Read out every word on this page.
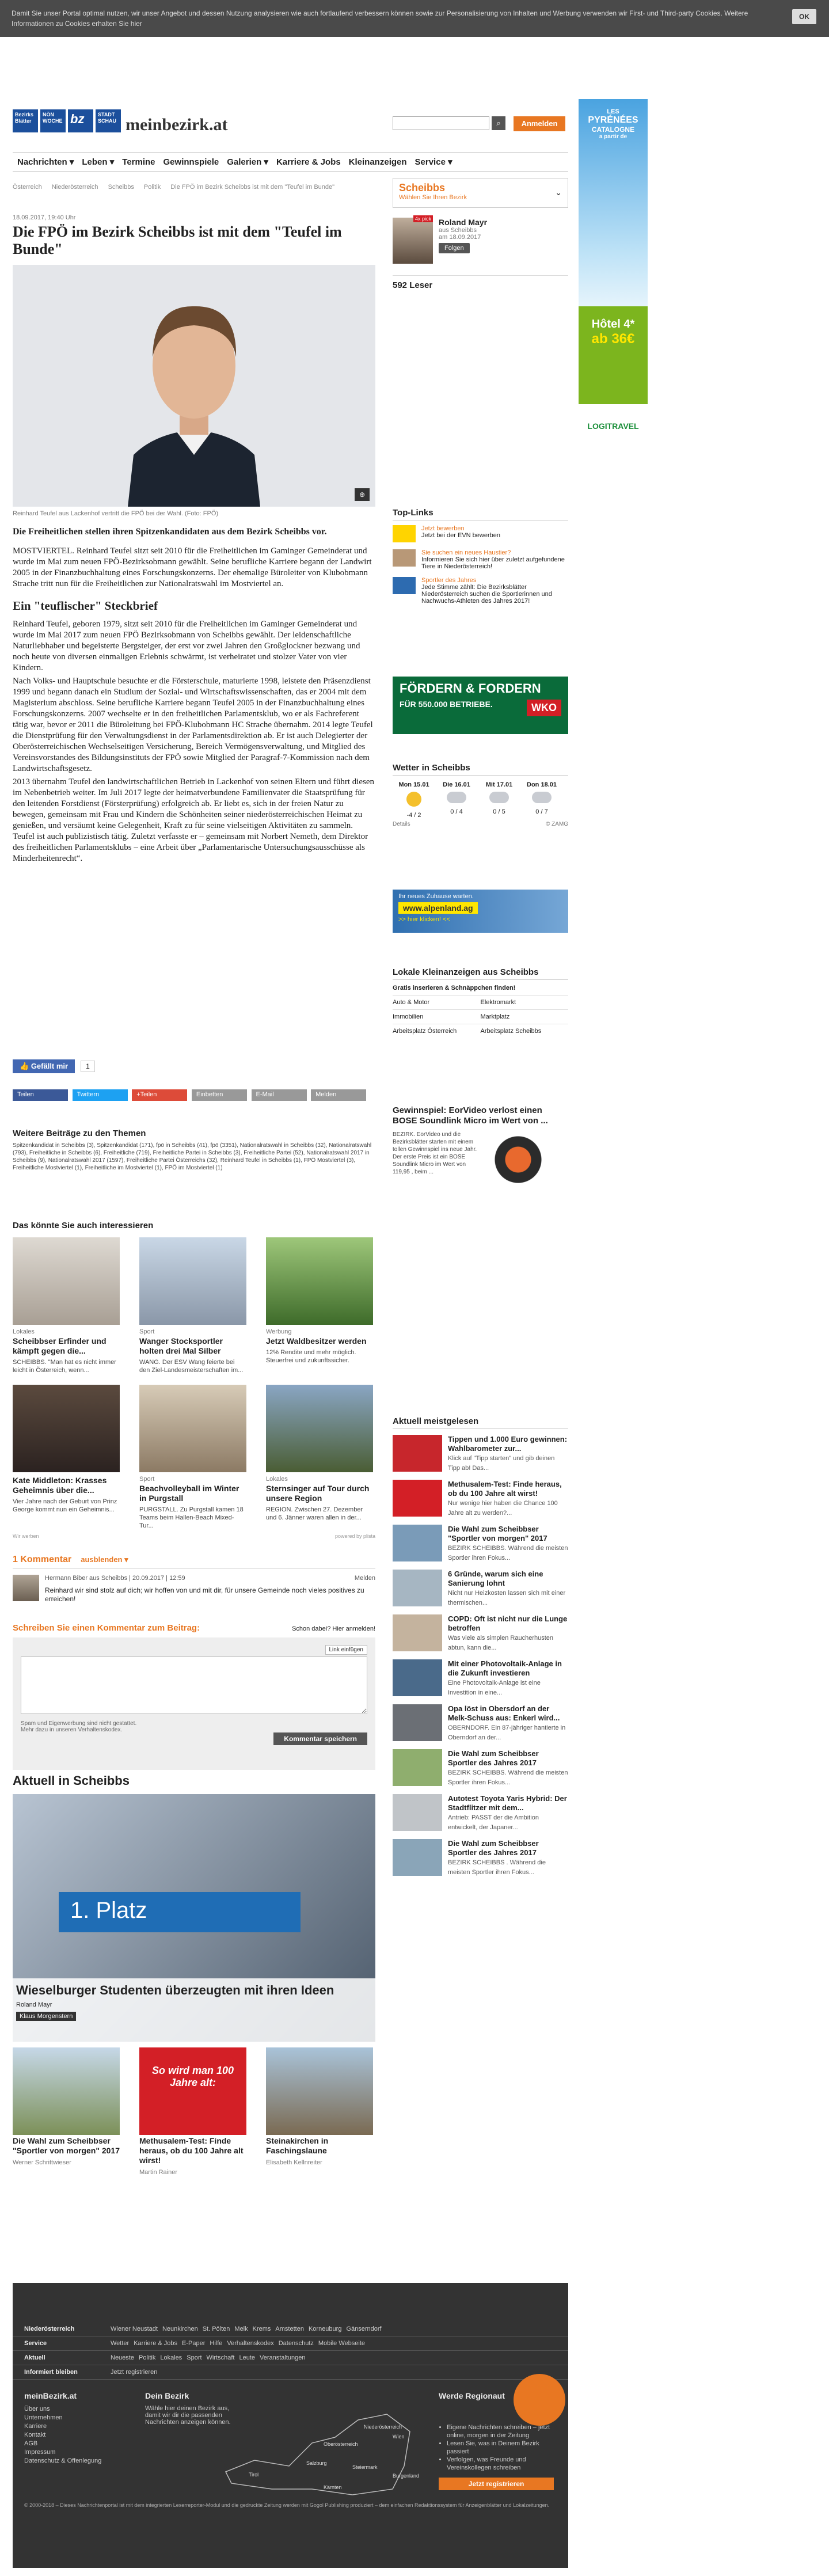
Damit Sie unser Portal optimal nutzen, wir unser Angebot und dessen Nutzung analysieren wie auch fortlaufend verbessern können sowie zur Personalisierung von Inhalten und Werbung verwenden wir First- und Third-party Cookies. Weitere Informationen zu Cookies erhalten Sie hier
OK
Bezirks Blätter
NÖN WOCHE bz	STADT SCHAU meinbezirk.at	⌕	Anmelden
Nachrichten ▾ Leben ▾ Termine Gewinnspiele Galerien ▾ Karriere & Jobs Kleinanzeigen Service ▾
Scheibbs
Wählen Sie Ihren Bezirk
⌄
Österreich Niederösterreich Scheibbs Politik Die FPÖ im Bezirk Scheibbs ist mit dem "Teufel im Bunde"
18.09.2017, 19:40 Uhr
Die FPÖ im Bezirk Scheibbs ist mit dem "Teufel im Bunde"
⊕
Reinhard Teufel aus Lackenhof vertritt die FPÖ bei der Wahl. (Foto: FPÖ)

Die Freiheitlichen stellen ihren Spitzenkandidaten aus dem Bezirk Scheibbs vor.

MOSTVIERTEL. Reinhard Teufel sitzt seit 2010 für die Freiheitlichen im Gaminger Gemeinderat und wurde im Mai zum neuen FPÖ-Bezirksobmann gewählt. Seine berufliche Karriere begann der Landwirt 2005 in der Finanzbuchhaltung eines Forschungskonzerns. Der ehemalige Büroleiter von Klubobmann Strache tritt nun für die Freiheitlichen zur Nationalratswahl im Mostviertel an.

Ein "teuflischer" Steckbrief

Reinhard Teufel, geboren 1979, sitzt seit 2010 für die Freiheitlichen im Gaminger Gemeinderat und wurde im Mai 2017 zum neuen FPÖ Bezirksobmann von Scheibbs gewählt. Der leidenschaftliche Naturliebhaber und begeisterte Bergsteiger, der erst vor zwei Jahren den Großglockner bezwang und noch heute von diversen einmaligen Erlebnis schwärmt, ist verheiratet und stolzer Vater von vier Kindern.

Nach Volks- und Hauptschule besuchte er die Försterschule, maturierte 1998, leistete den Präsenzdienst 1999 und begann danach ein Studium der Sozial- und Wirtschaftswissenschaften, das er 2004 mit dem Magisterium abschloss. Seine berufliche Karriere begann Teufel 2005 in der Finanzbuchhaltung eines Forschungskonzerns. 2007 wechselte er in den freiheitlichen Parlamentsklub, wo er als Fachreferent tätig war, bevor er 2011 die Büroleitung bei FPÖ-Klubobmann HC Strache übernahm. 2014 legte Teufel die Dienstprüfung für den Verwaltungsdienst in der Parlamentsdirektion ab. Er ist auch Delegierter der Oberösterreichischen Wechselseitigen Versicherung, Bereich Vermögensverwaltung, und Mitglied des Vereinsvorstandes des Bildungsinstituts der FPÖ sowie Mitglied der Paragraf-7-Kommission nach dem Landwirtschaftsgesetz.

2013 übernahm Teufel den landwirtschaftlichen Betrieb in Lackenhof von seinen Eltern und führt diesen im Nebenbetrieb weiter. Im Juli 2017 legte der heimatverbundene Familienvater die Staatsprüfung für den leitenden Forstdienst (Försterprüfung) erfolgreich ab. Er liebt es, sich in der freien Natur zu bewegen, gemeinsam mit Frau und Kindern die Schönheiten seiner niederösterreichischen Heimat zu genießen, und versäumt keine Gelegenheit, Kraft zu für seine vielseitigen Aktivitäten zu sammeln. Teufel ist auch publizistisch tätig. Zuletzt verfasste er – gemeinsam mit Norbert Nemeth, dem Direktor des freiheitlichen Parlamentsklubs – eine Arbeit über „Parlamentarische Untersuchungsausschüsse als Minderheitenrecht“.

👍 Gefällt mir	1
Teilen	Twittern	+Teilen	Einbetten	E-Mail	Melden
Weitere Beiträge zu den Themen

Spitzenkandidat in Scheibbs (3), Spitzenkandidat (171), fpö in Scheibbs (41), fpö (3351), Nationalratswahl in Scheibbs (32), Nationalratswahl (793), Freiheitliche in Scheibbs (6), Freiheitliche (719), Freiheitliche Partei in Scheibbs (3), Freiheitliche Partei (52), Nationalratswahl 2017 in Scheibbs (9), Nationalratswahl 2017 (1597), Freiheitliche Partei Österreichs (32), Reinhard Teufel in Scheibbs (1), FPÖ Mostviertel (3), Freiheitliche Mostviertel (1), Freiheitliche im Mostviertel (1), FPÖ im Mostviertel (1)

Das könnte Sie auch interessieren
Lokales
Scheibbser Erfinder und kämpft gegen die...
SCHEIBBS. "Man hat es nicht immer leicht in Österreich, wenn...
Sport
Wanger Stocksportler holten drei Mal Silber
WANG. Der ESV Wang feierte bei den Ziel-Landesmeisterschaften im...
Werbung
Jetzt Waldbesitzer werden
12% Rendite und mehr möglich. Steuerfrei und zukunftssicher.
Kate Middleton: Krasses Geheimnis über die...
Vier Jahre nach der Geburt von Prinz George kommt nun ein Geheimnis...
Sport
Beachvolleyball im Winter in Purgstall
PURGSTALL. Zu Purgstall kamen 18 Teams beim Hallen-Beach Mixed-Tur...
Lokales
Sternsinger auf Tour durch unsere Region
REGION. Zwischen 27. Dezember und 6. Jänner waren allen in der...
Wir werben	powered by plista
1 Kommentar ausblenden ▾
Hermann Biber aus Scheibbs | 20.09.2017 | 12:59	Melden

Reinhard wir sind stolz auf dich; wir hoffen von und mit dir, für unsere Gemeinde noch vieles positives zu erreichen!

Schreiben Sie einen Kommentar zum Beitrag:	Schon dabei? Hier anmelden!
Link einfügen
Spam und Eigenwerbung sind nicht gestattet.
Mehr dazu in unseren Verhaltenskodex.
Kommentar speichern
Aktuell in Scheibbs
1. Platz
Wieselburger Studenten überzeugten mit ihren Ideen
Roland Mayr
Klaus Morgenstern
Die Wahl zum Scheibbser "Sportler von morgen" 2017
Werner Schrittwieser
So wird man 100 Jahre alt:
Methusalem-Test: Finde heraus, ob du 100 Jahre alt wirst!
Martin Rainer
Steinakirchen in Faschingslaune
Elisabeth Kellnreiter
4x pick Roland Mayr
aus Scheibbs
am 18.09.2017
Folgen
592 Leser
LES
PYRÉNÉES
CATALOGNE
a partir de
Hôtel 4*
ab 36€
LOGITRAVEL
Top-Links
Jetzt bewerben
Jetzt bei der EVN bewerben
Sie suchen ein neues Haustier?
Informieren Sie sich hier über zuletzt aufgefundene Tiere in Niederösterreich!
Sportler des Jahres
Jede Stimme zählt: Die Bezirksblätter Niederösterreich suchen die Sportlerinnen und Nachwuchs-Athleten des Jahres 2017!
FÖRDERN & FORDERN
FÜR 550.000 BETRIEBE.	WKO
Wetter in Scheibbs
Mon 15.01
-4 / 2
Die 16.01
0 / 4
Mit 17.01
0 / 5
Don 18.01
0 / 7
Details	© ZAMG
Ihr neues Zuhause warten.
www.alpenland.ag
>> hier klicken! <<
Lokale Kleinanzeigen aus Scheibbs
Gratis inserieren & Schnäppchen finden!
Auto & Motor	Elektromarkt
Immobilien	Marktplatz
Arbeitsplatz Österreich	Arbeitsplatz Scheibbs
Gewinnspiel: EorVideo verlost einen BOSE Soundlink Micro im Wert von ...
BEZIRK. EorVideo und die Bezirksblätter starten mit einem tollen Gewinnspiel ins neue Jahr. Der erste Preis ist ein BOSE Soundlink Micro im Wert von 119,95 , beim ...
Aktuell meistgelesen
Tippen und 1.000 Euro gewinnen: Wahlbarometer zur...
Klick auf "Tipp starten" und gib deinen Tipp ab! Das...
Methusalem-Test: Finde heraus, ob du 100 Jahre alt wirst!
Nur wenige hier haben die Chance 100 Jahre alt zu werden?...
Die Wahl zum Scheibbser "Sportler von morgen" 2017
BEZIRK SCHEIBBS. Während die meisten Sportler ihren Fokus...
6 Gründe, warum sich eine Sanierung lohnt
Nicht nur Heizkosten lassen sich mit einer thermischen...
COPD: Oft ist nicht nur die Lunge betroffen
Was viele als simplen Raucherhusten abtun, kann die...
Mit einer Photovoltaik-Anlage in die Zukunft investieren
Eine Photovoltaik-Anlage ist eine Investition in eine...
Opa löst in Obersdorf an der Melk-Schuss aus: Enkerl wird...
OBERNDORF. Ein 87-jähriger hantierte in Oberndorf an der...
Die Wahl zum Scheibbser Sportler des Jahres 2017
BEZIRK SCHEIBBS. Während die meisten Sportler ihren Fokus...
Autotest Toyota Yaris Hybrid: Der Stadtflitzer mit dem...
Antrieb: PASST der die Ambition entwickelt, der Japaner...
Die Wahl zum Scheibbser Sportler des Jahres 2017
BEZIRK SCHEIBBS . Während die meisten Sportler ihren Fokus...
Niederösterreich	Wiener Neustadt Neunkirchen St. Pölten Melk Krems Amstetten Korneuburg Gänserndorf
Service	Wetter Karriere & Jobs E-Paper Hilfe Verhaltenskodex Datenschutz Mobile Webseite
Aktuell	Neueste Politik Lokales Sport Wirtschaft Leute Veranstaltungen
Informiert bleiben	Jetzt registrieren
meinBezirk.at
Über uns
Unternehmen
Karriere
Kontakt
AGB
Impressum
Datenschutz & Offenlegung
Dein Bezirk
Wähle hier deinen Bezirk aus, damit wir dir die passenden Nachrichten anzeigen können.
Niederösterreich
Oberösterreich
Wien
Steiermark
Burgenland
Salzburg
Tirol
Kärnten
Werde Regionaut
• Eigene Nachrichten schreiben – jetzt online, morgen in der Zeitung
• Lesen Sie, was in Deinem Bezirk passiert
• Verfolgen, was Freunde und Vereinskollegen schreiben
Jetzt registrieren
© 2000-2018 – Dieses Nachrichtenportal ist mit dem integrierten Leserreporter-Modul und die gedruckte Zeitung werden mit Gogol Publishing produziert – dem einfachen Redaktionssystem für Anzeigenblätter und Lokalzeitungen.
